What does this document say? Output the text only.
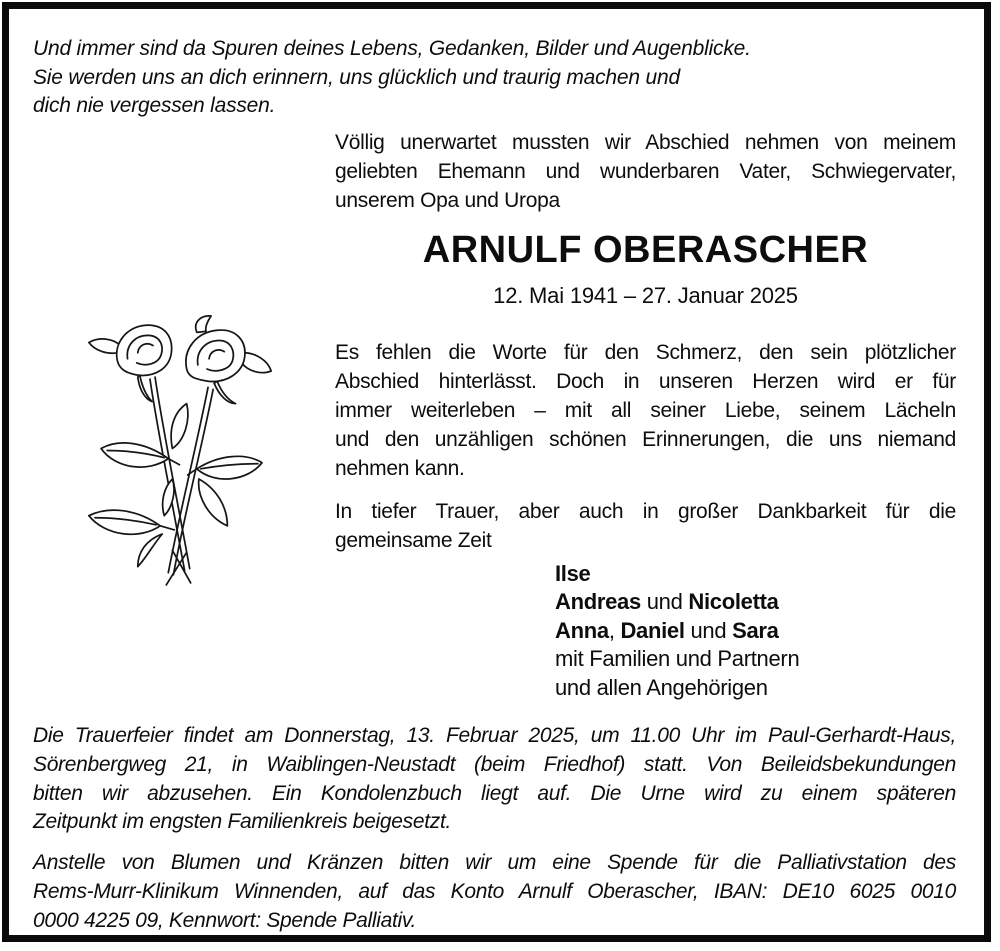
Und immer sind da Spuren deines Lebens, Gedanken, Bilder und Augenblicke.
Sie werden uns an dich erinnern, uns glücklich und traurig machen und
dich nie vergessen lassen.
Völlig unerwartet mussten wir Abschied nehmen von meinem
geliebten Ehemann und wunderbaren Vater, Schwiegervater,
unserem Opa und Uropa
ARNULF OBERASCHER
12. Mai 1941 – 27. Januar 2025
Es fehlen die Worte für den Schmerz, den sein plötzlicher
Abschied hinterlässt. Doch in unseren Herzen wird er für
immer weiterleben – mit all seiner Liebe, seinem Lächeln
und den unzähligen schönen Erinnerungen, die uns niemand
nehmen kann.
In tiefer Trauer, aber auch in großer Dankbarkeit für die
gemeinsame Zeit
Ilse
Andreas und Nicoletta
Anna, Daniel und Sara
mit Familien und Partnern
und allen Angehörigen
Die Trauerfeier findet am Donnerstag, 13. Februar 2025, um 11.00 Uhr im Paul-Gerhardt-Haus,
Sörenbergweg 21, in Waiblingen-Neustadt (beim Friedhof) statt. Von Beileidsbekundungen
bitten wir abzusehen. Ein Kondolenzbuch liegt auf. Die Urne wird zu einem späteren
Zeitpunkt im engsten Familienkreis beigesetzt.
Anstelle von Blumen und Kränzen bitten wir um eine Spende für die Palliativstation des
Rems-Murr-Klinikum Winnenden, auf das Konto Arnulf Oberascher, IBAN: DE10 6025 0010
0000 4225 09, Kennwort: Spende Palliativ.
